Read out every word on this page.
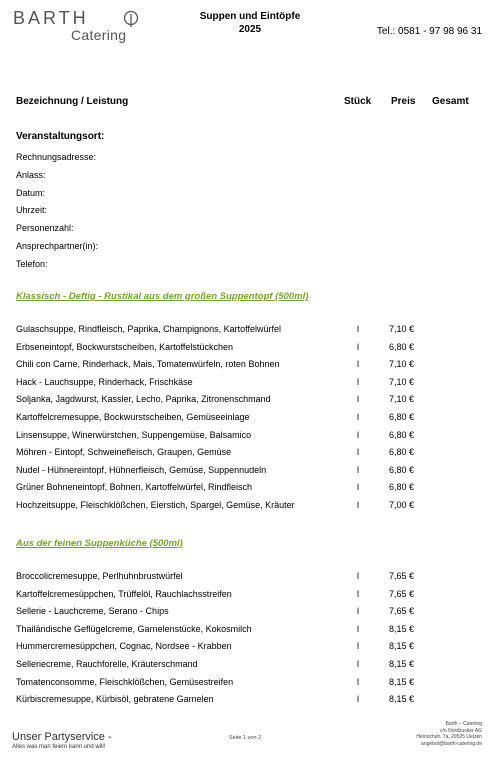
BARTH
Catering
Suppen und Eintöpfe
2025	Tel.: 0581 - 97 98 96 31
Bezeichnung / Leistung	Stück Preis Gesamt
Veranstaltungsort:
Rechnungsadresse:
Anlass:
Datum:
Uhrzeit:
Personenzahl:
Ansprechpartner(in):
Telefon:
Klassisch - Deftig - Rustikal aus dem großen Suppentopf (500ml)
Gulaschsuppe, Rindfleisch, Paprika, Champignons, Kartoffelwürfel	l	7,10 €
Erbseneintopf, Bockwurstscheiben, Kartoffelstückchen	l	6,80 €
Chili con Carne, Rinderhack, Mais, Tomatenwürfeln, roten Bohnen	l	7,10 €
Hack - Lauchsuppe, Rinderhack, Frischkäse	l	7,10 €
Soljanka, Jagdwurst, Kassler, Lecho, Paprika, Zitronenschmand	l	7,10 €
Kartoffelcremesuppe, Bockwurstscheiben, Gemüseeinlage	l	6,80 €
Linsensuppe, Winerwürstchen, Suppengemüse, Balsamico	l	6,80 €
Möhren - Eintopf, Schweinefleisch, Graupen, Gemüse	l	6,80 €
Nudel - Hühnereintopf, Hühnerfleisch, Gemüse, Suppennudeln	l	6,80 €
Grüner Bohneneintopf, Bohnen, Kartoffelwürfel, Rindfleisch	l	6,80 €
Hochzeitsuppe, Fleischklößchen, Eierstich, Spargel, Gemüse, Kräuter	l	7,00 €
Aus der feinen Suppenküche (500ml)
Broccolicremesuppe, Perlhuhnbrustwürfel	l	7,65 €
Kartoffelcremesüppchen, Trüffelöl, Rauchlachsstreifen	l	7,65 €
Sellerie - Lauchcreme, Serano - Chips	l	7,65 €
Thailändische Geflügelcreme, Garnelenstücke, Kokosmilch	l	8,15 €
Hummercremesüppchen, Cognac, Nordsee - Krabben	l	8,15 €
Selleriecreme, Rauchforelle, Kräuterschmand	l	8,15 €
Tomatenconsomme, Fleischklößchen, Gemüsestreifen	l	8,15 €
Kürbiscremesuppe, Kürbisöl, gebratene Garnelen	l	8,15 €
Unser Partyservice -
Alles was man feiern kann und will!
Seite 1 von 2
Barth – Catering
c/o Nordzucker AG
Heinrichstr. 7a, 29525 Uelzen
angebot@barth-catering.de
